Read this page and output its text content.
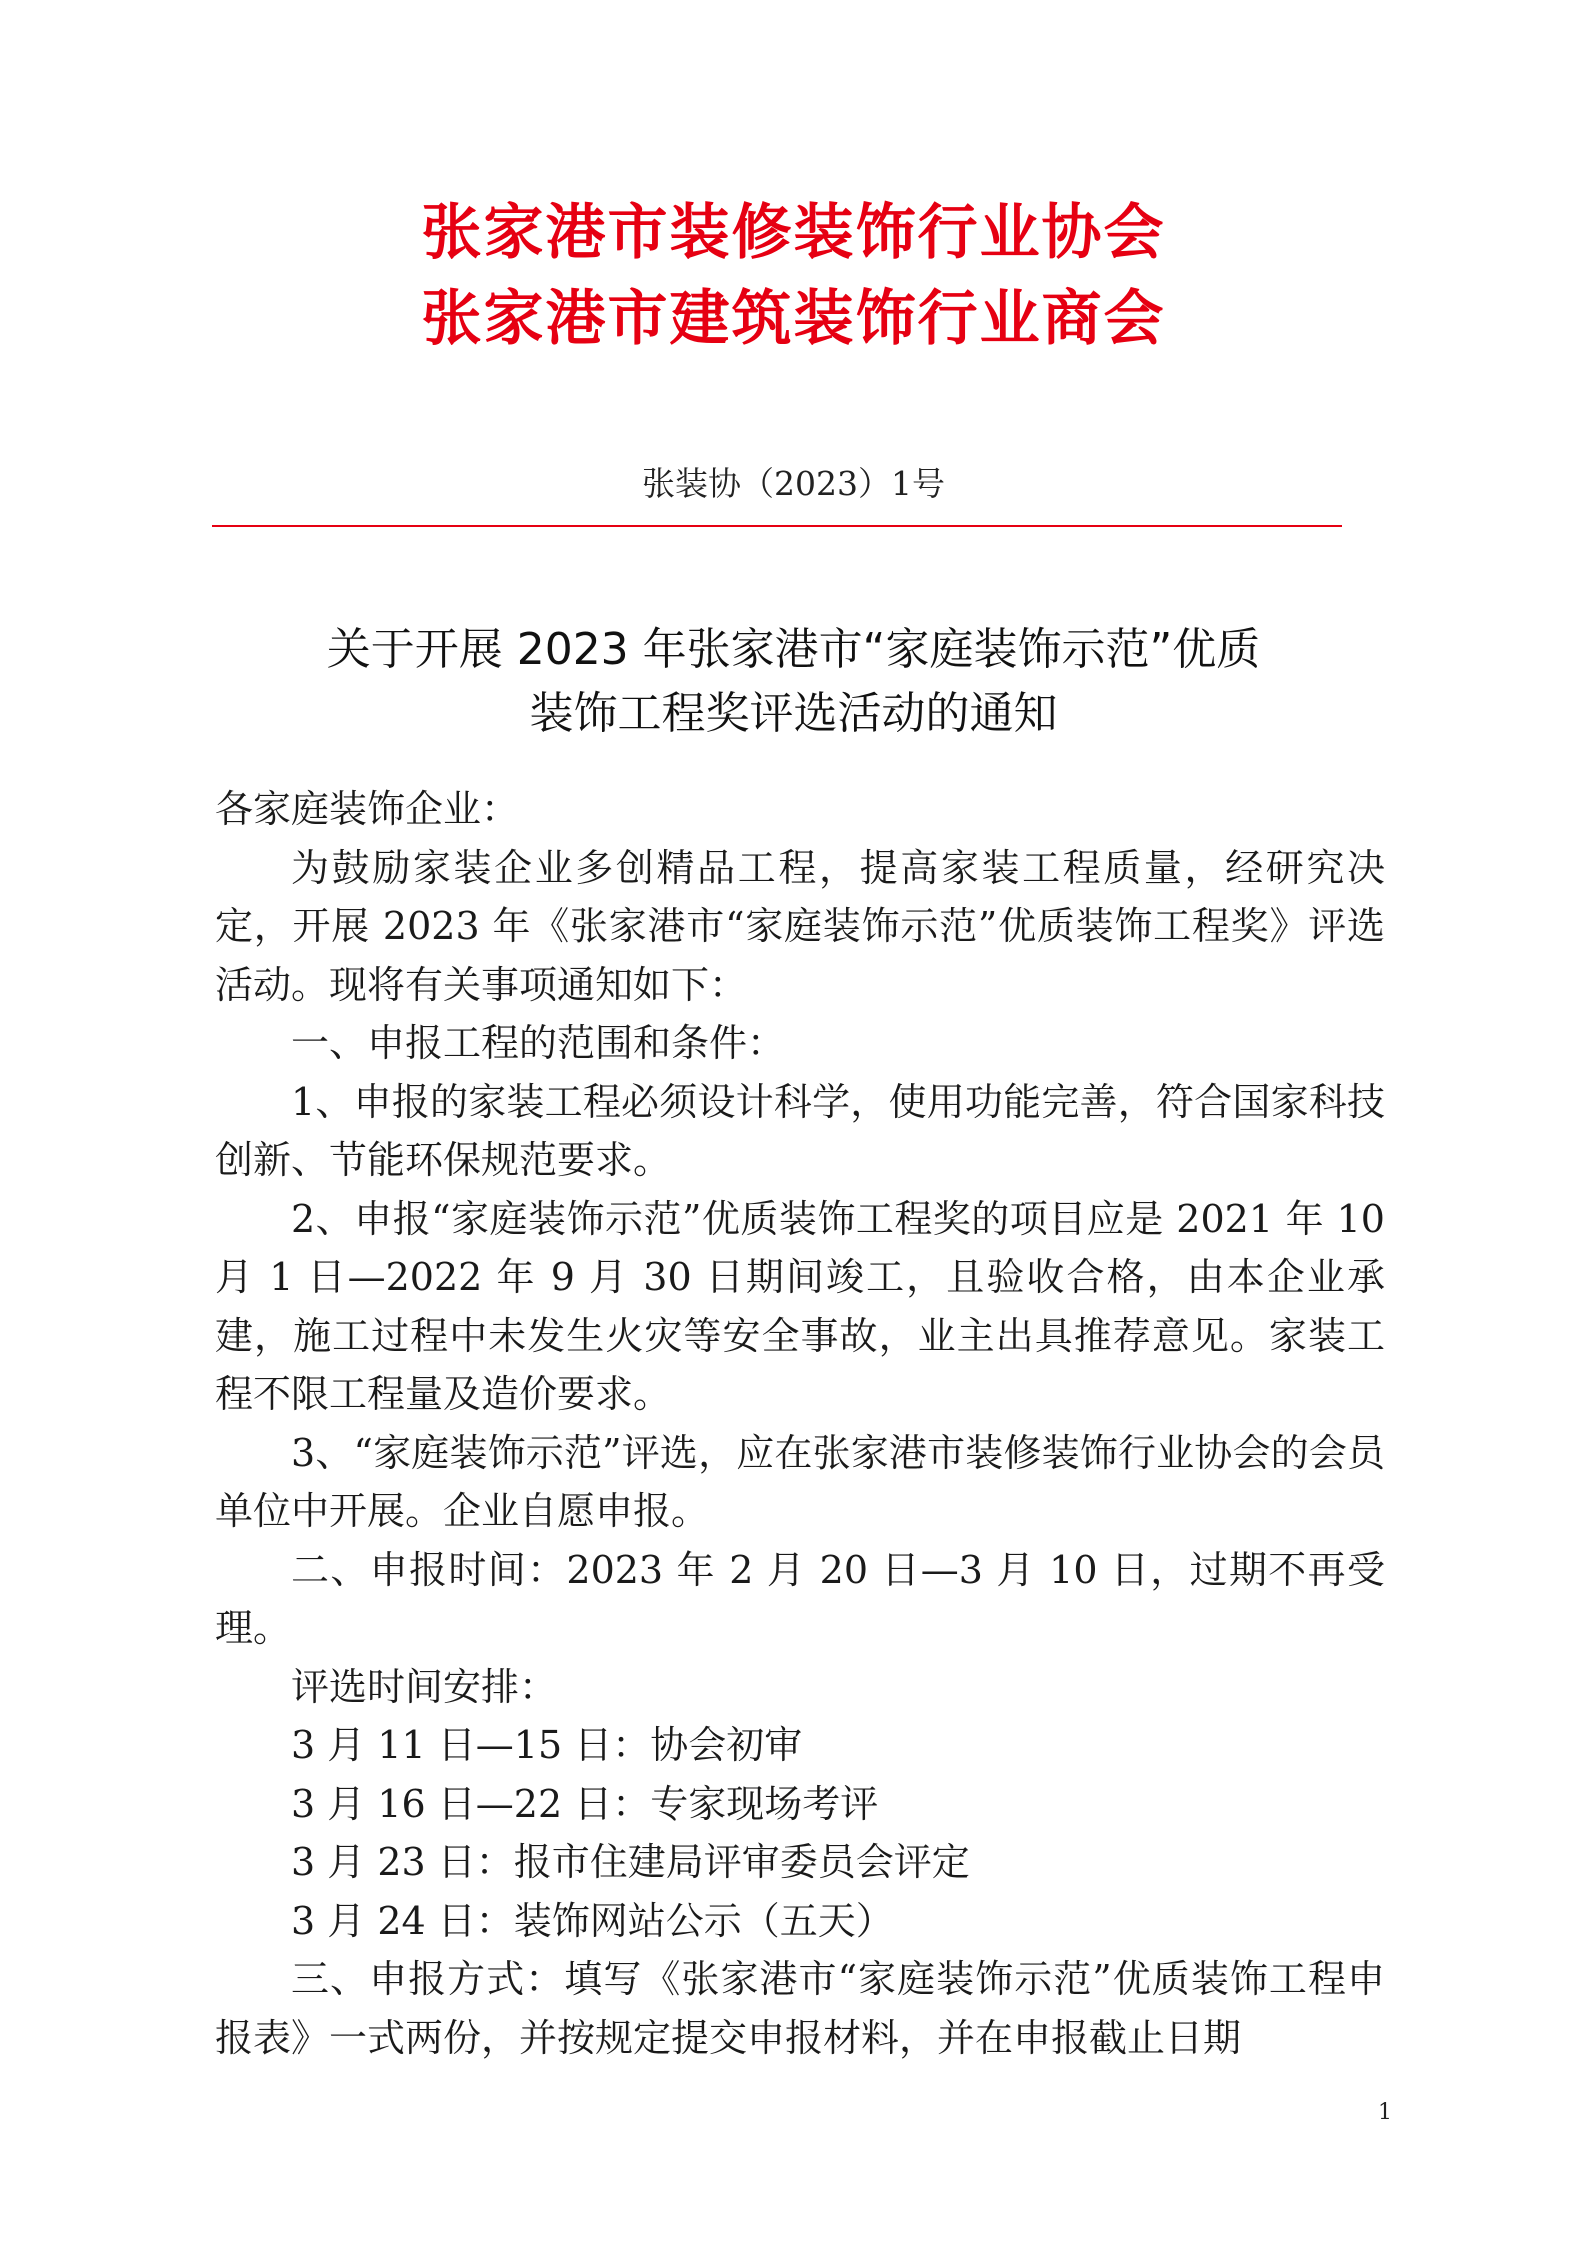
张家港市装修装饰行业协会
张家港市建筑装饰行业商会
张装协（2023）1号
关于开展 2023 年张家港市“家庭装饰示范”优质
装饰工程奖评选活动的通知

各家庭装饰企业：

为鼓励家装企业多创精品工程，提高家装工程质量，经研究决定，开展 2023 年《张家港市“家庭装饰示范”优质装饰工程奖》评选活动。现将有关事项通知如下：

一、申报工程的范围和条件：

1、申报的家装工程必须设计科学，使用功能完善，符合国家科技创新、节能环保规范要求。

2、申报“家庭装饰示范”优质装饰工程奖的项目应是 2021 年 10 月 1 日—2022 年 9 月 30 日期间竣工，且验收合格，由本企业承建，施工过程中未发生火灾等安全事故，业主出具推荐意见。家装工程不限工程量及造价要求。

3、“家庭装饰示范”评选，应在张家港市装修装饰行业协会的会员单位中开展。企业自愿申报。

二、申报时间：2023 年 2 月 20 日—3 月 10 日，过期不再受理。

评选时间安排：

3 月 11 日—15 日：协会初审

3 月 16 日—22 日：专家现场考评

3 月 23 日：报市住建局评审委员会评定

3 月 24 日：装饰网站公示（五天）

三、申报方式：填写《张家港市“家庭装饰示范”优质装饰工程申报表》一式两份，并按规定提交申报材料，并在申报截止日期

1
